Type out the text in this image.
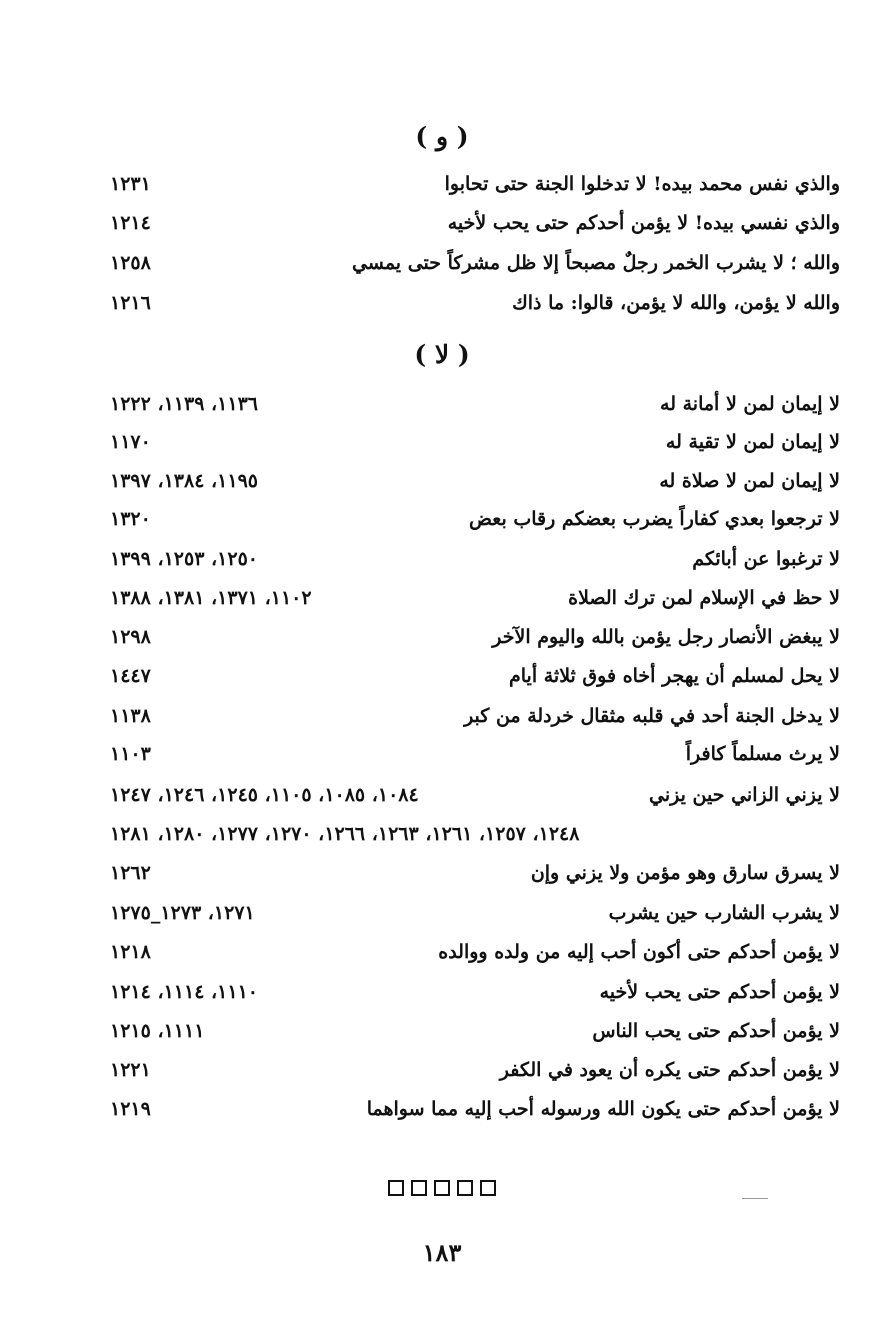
( و )
والذي نفس محمد بيده! لا تدخلوا الجنة حتى تحابوا
١٢٣١
والذي نفسي بيده! لا يؤمن أحدكم حتى يحب لأخيه
١٢١٤
والله ؛ لا يشرب الخمر رجلٌ مصبحاً إلا ظل مشركاً حتى يمسي
١٢٥٨
والله لا يؤمن، والله لا يؤمن، قالوا: ما ذاك
١٢١٦
( لا )
لا إيمان لمن لا أمانة له
١١٣٦، ١١٣٩، ١٢٢٢
لا إيمان لمن لا تقية له
١١٧٠
لا إيمان لمن لا صلاة له
١١٩٥، ١٣٨٤، ١٣٩٧
لا ترجعوا بعدي كفاراً يضرب بعضكم رقاب بعض
١٣٢٠
لا ترغبوا عن أبائكم
١٢٥٠، ١٢٥٣، ١٣٩٩
لا حظ في الإسلام لمن ترك الصلاة
١١٠٢، ١٣٧١، ١٣٨١، ١٣٨٨
لا يبغض الأنصار رجل يؤمن بالله واليوم الآخر
١٢٩٨
لا يحل لمسلم أن يهجر أخاه فوق ثلاثة أيام
١٤٤٧
لا يدخل الجنة أحد في قلبه مثقال خردلة من كبر
١١٣٨
لا يرث مسلماً كافراً
١١٠٣
لا يزني الزاني حين يزني
١٠٨٤، ١٠٨٥، ١١٠٥، ١٢٤٥، ١٢٤٦، ١٢٤٧
١٢٤٨، ١٢٥٧، ١٢٦١، ١٢٦٣، ١٢٦٦، ١٢٧٠، ١٢٧٧، ١٢٨٠، ١٢٨١
لا يسرق سارق وهو مؤمن ولا يزني وإن
١٢٦٢
لا يشرب الشارب حين يشرب
١٢٧١، ١٢٧٣_١٢٧٥
لا يؤمن أحدكم حتى أكون أحب إليه من ولده ووالده
١٢١٨
لا يؤمن أحدكم حتى يحب لأخيه
١١١٠، ١١١٤، ١٢١٤
لا يؤمن أحدكم حتى يحب الناس
١١١١، ١٢١٥
لا يؤمن أحدكم حتى يكره أن يعود في الكفر
١٢٢١
لا يؤمن أحدكم حتى يكون الله ورسوله أحب إليه مما سواهما
١٢١٩
١٨٣
